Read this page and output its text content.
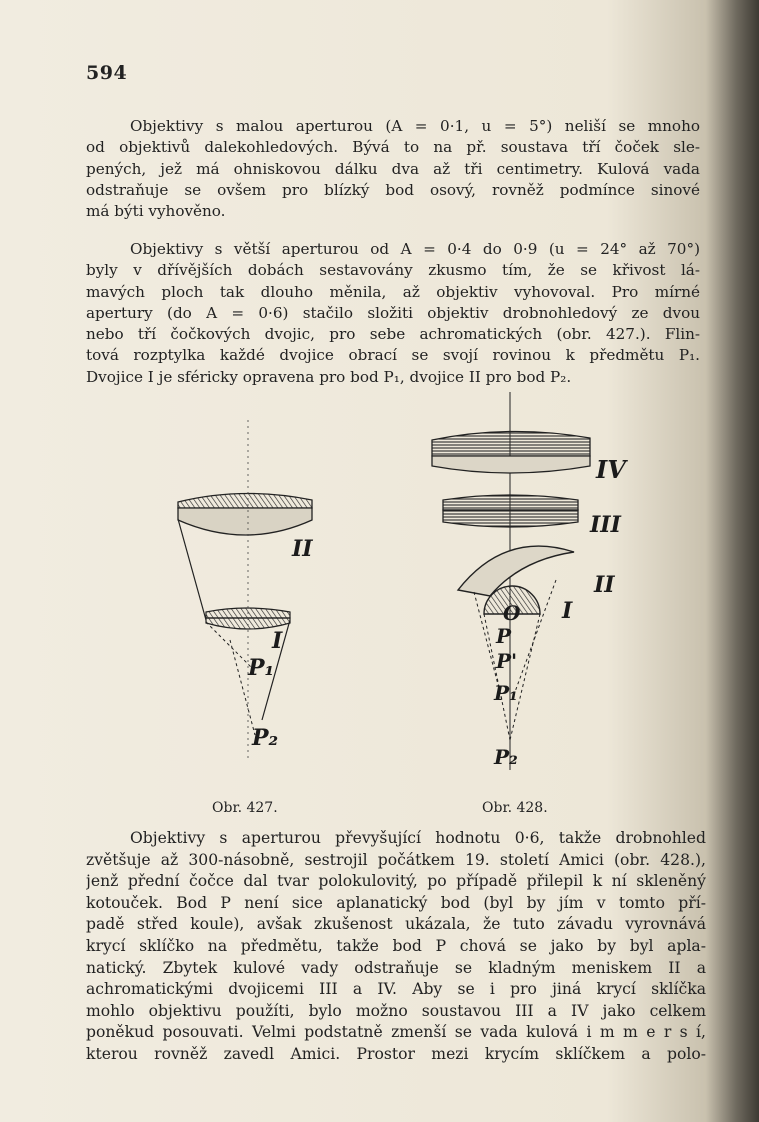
594
Objektivy s malou aperturou (A = 0·1, u = 5°) neliší se mnoho
od objektivů dalekohledových. Bývá to na př. soustava tří čoček sle-
pených, jež má ohniskovou dálku dva až tři centimetry. Kulová vada
odstraňuje se ovšem pro blízký bod osový, rovněž podmínce sinové
má býti vyhověno.
Objektivy s větší aperturou od A = 0·4 do 0·9 (u = 24° až 70°)
byly v dřívějších dobách sestavovány zkusmo tím, že se křivost lá-
mavých ploch tak dlouho měnila, až objektiv vyhovoval. Pro mírné
apertury (do A = 0·6) stačilo složiti objektiv drobnohledový ze dvou
nebo tří čočkových dvojic, pro sebe achromatických (obr. 427.). Flin-
tová rozptylka každé dvojice obrací se svojí rovinou k předmětu P₁.
Dvojice I je sféricky opravena pro bod P₁, dvojice II pro bod P₂.
II
I
P₁
P₂
IV
III
II
I
O
P
P'
P₁
P₂
Obr. 427.	Obr. 428.
Objektivy s aperturou převyšující hodnotu 0·6, takže drobnohled
zvětšuje až 300-násobně, sestrojil počátkem 19. století Amici (obr. 428.),
jenž přední čočce dal tvar polokulovitý, po případě přilepil k ní skleněný
kotouček. Bod P není sice aplanatický bod (byl by jím v tomto pří-
padě střed koule), avšak zkušenost ukázala, že tuto závadu vyrovnává
krycí sklíčko na předmětu, takže bod P chová se jako by byl apla-
natický. Zbytek kulové vady odstraňuje se kladným meniskem II a
achromatickými dvojicemi III a IV. Aby se i pro jiná krycí sklíčka
mohlo objektivu použíti, bylo možno soustavou III a IV jako celkem
poněkud posouvati. Velmi podstatně zmenší se vada kulová i m m e r s í,
kterou rovněž zavedl Amici. Prostor mezi krycím sklíčkem a polo-
